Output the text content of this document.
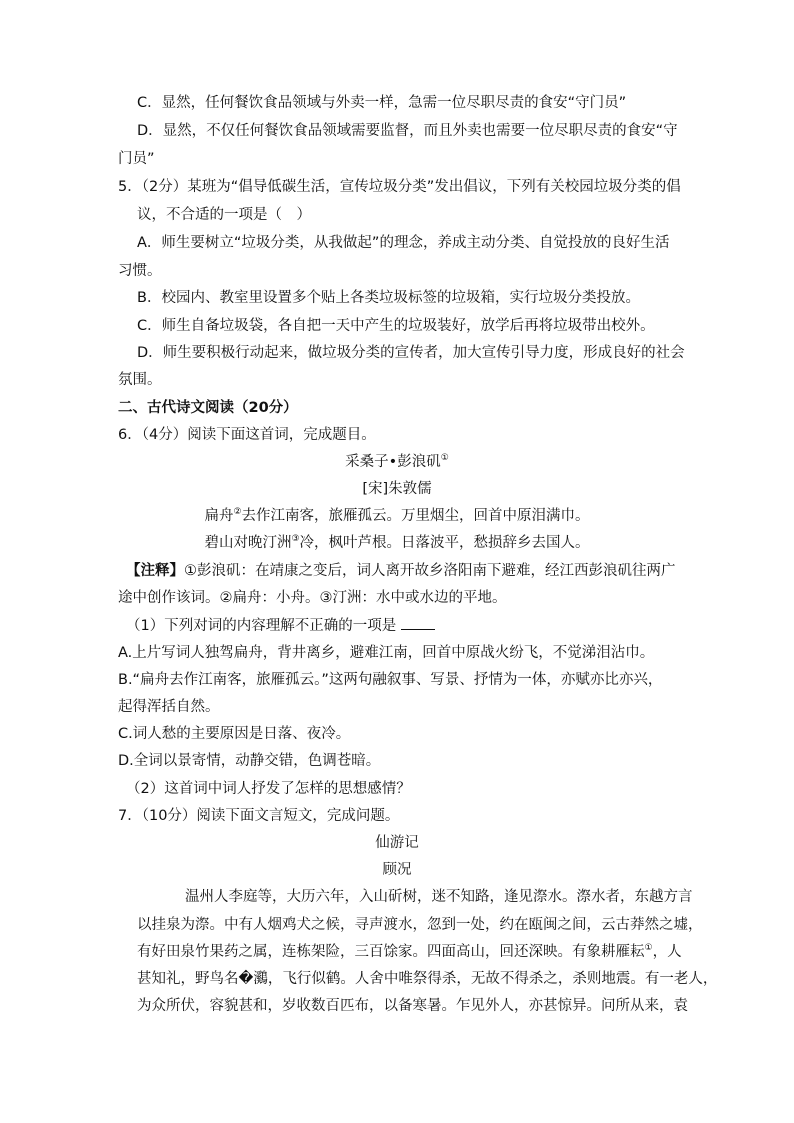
C．显然，任何餐饮食品领域与外卖一样，急需一位尽职尽责的食安“守门员”
D．显然，不仅任何餐饮食品领域需要监督，而且外卖也需要一位尽职尽责的食安“守
门员”
5．（2分）某班为“倡导低碳生活，宣传垃圾分类”发出倡议，下列有关校园垃圾分类的倡
议，不合适的一项是（　）
A．师生要树立“垃圾分类，从我做起”的理念，养成主动分类、自觉投放的良好生活
习惯。
B．校园内、教室里设置多个贴上各类垃圾标签的垃圾箱，实行垃圾分类投放。
C．师生自备垃圾袋，各自把一天中产生的垃圾装好，放学后再将垃圾带出校外。
D．师生要积极行动起来，做垃圾分类的宣传者，加大宣传引导力度，形成良好的社会
氛围。
二、古代诗文阅读（20分）
6．（4分）阅读下面这首词，完成题目。
采桑子•彭浪矶①
[宋]朱敦儒
扁舟②去作江南客，旅雁孤云。万里烟尘，回首中原泪满巾。
碧山对晚汀洲③冷，枫叶芦根。日落波平，愁损辞乡去国人。
【注释】①彭浪矶：在靖康之变后，词人离开故乡洛阳南下避难，经江西彭浪矶往两广
途中创作该词。②扁舟：小舟。③汀洲：水中或水边的平地。
（1）下列对词的内容理解不正确的一项是
A.上片写词人独驾扁舟，背井离乡，避难江南，回首中原战火纷飞，不觉涕泪沾巾。
B.“扁舟去作江南客，旅雁孤云。”这两句融叙事、写景、抒情为一体，亦赋亦比亦兴，
起得浑括自然。
C.词人愁的主要原因是日落、夜冷。
D.全词以景寄情，动静交错，色调苍暗。
（2）这首词中词人抒发了怎样的思想感情？
7．（10分）阅读下面文言短文，完成问题。
仙游记
顾况
温州人李庭等，大历六年，入山斫树，迷不知路，逢见漈水。漈水者，东越方言
以挂泉为漈。中有人烟鸡犬之候，寻声渡水，忽到一处，约在瓯闽之间，云古莽然之墟，
有好田泉竹果药之属，连栋架险，三百馀家。四面高山，回还深映。有象耕雁耘①，人
甚知礼，野鸟名�鸂，飞行似鹤。人舍中唯祭得杀，无故不得杀之，杀则地震。有一老人，
为众所伏，容貌甚和，岁收数百匹布，以备寒暑。乍见外人，亦甚惊异。问所从来，袁
